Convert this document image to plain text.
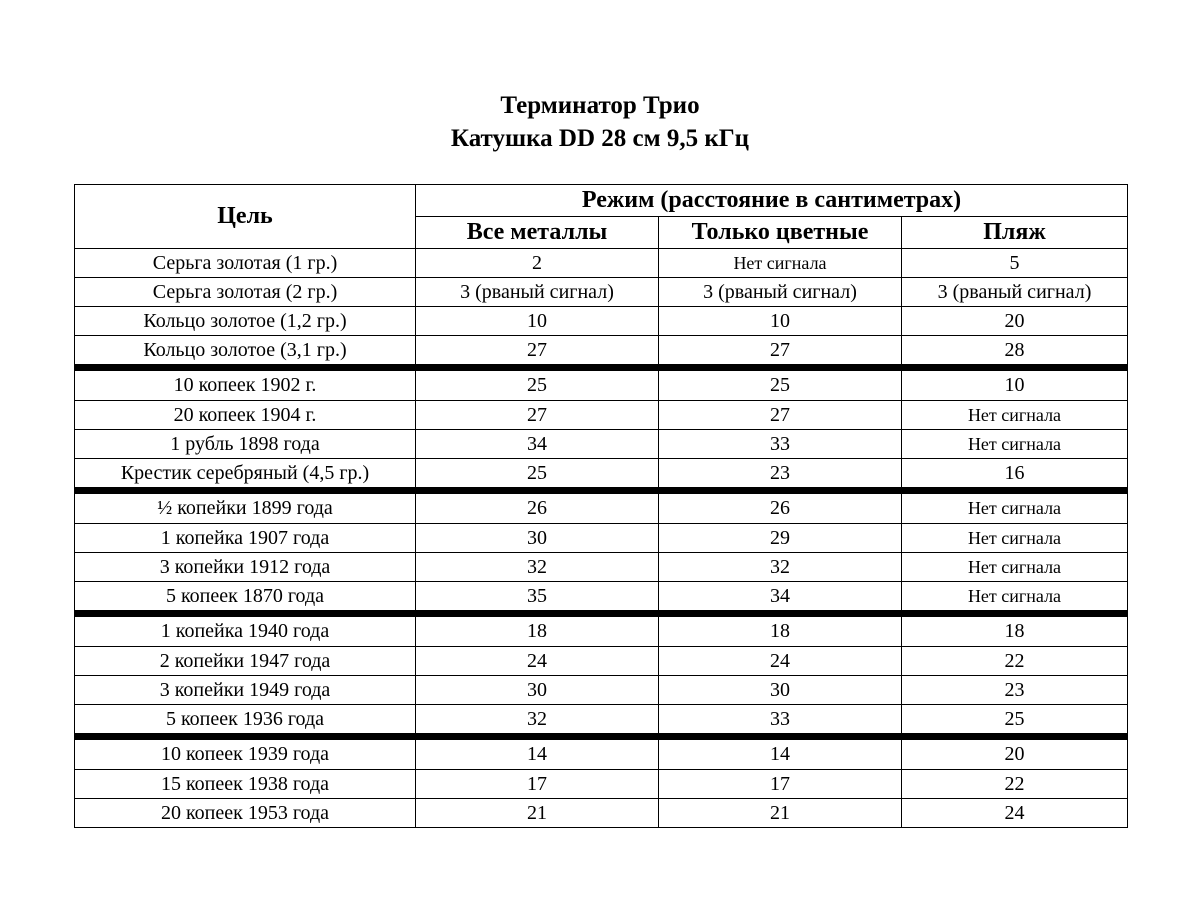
Терминатор Трио
Катушка DD 28 см 9,5 кГц
Цель	Режим (расстояние в сантиметрах)		
	Все металлы	Только цветные	Пляж
Серьга золотая (1 гр.)	2	Нет сигнала	5
Серьга золотая (2 гр.)	3 (рваный сигнал)	3 (рваный сигнал)	3 (рваный сигнал)
Кольцо золотое (1,2 гр.)	10	10	20
Кольцо золотое (3,1 гр.)	27	27	28
10 копеек 1902 г.	25	25	10
20 копеек 1904 г.	27	27	Нет сигнала
1 рубль 1898 года	34	33	Нет сигнала
Крестик серебряный (4,5 гр.)	25	23	16
½ копейки 1899 года	26	26	Нет сигнала
1 копейка 1907 года	30	29	Нет сигнала
3 копейки 1912 года	32	32	Нет сигнала
5 копеек 1870 года	35	34	Нет сигнала
1 копейка 1940 года	18	18	18
2 копейки 1947 года	24	24	22
3 копейки 1949 года	30	30	23
5 копеек 1936 года	32	33	25
10 копеек 1939 года	14	14	20
15 копеек 1938 года	17	17	22
20 копеек 1953 года	21	21	24
